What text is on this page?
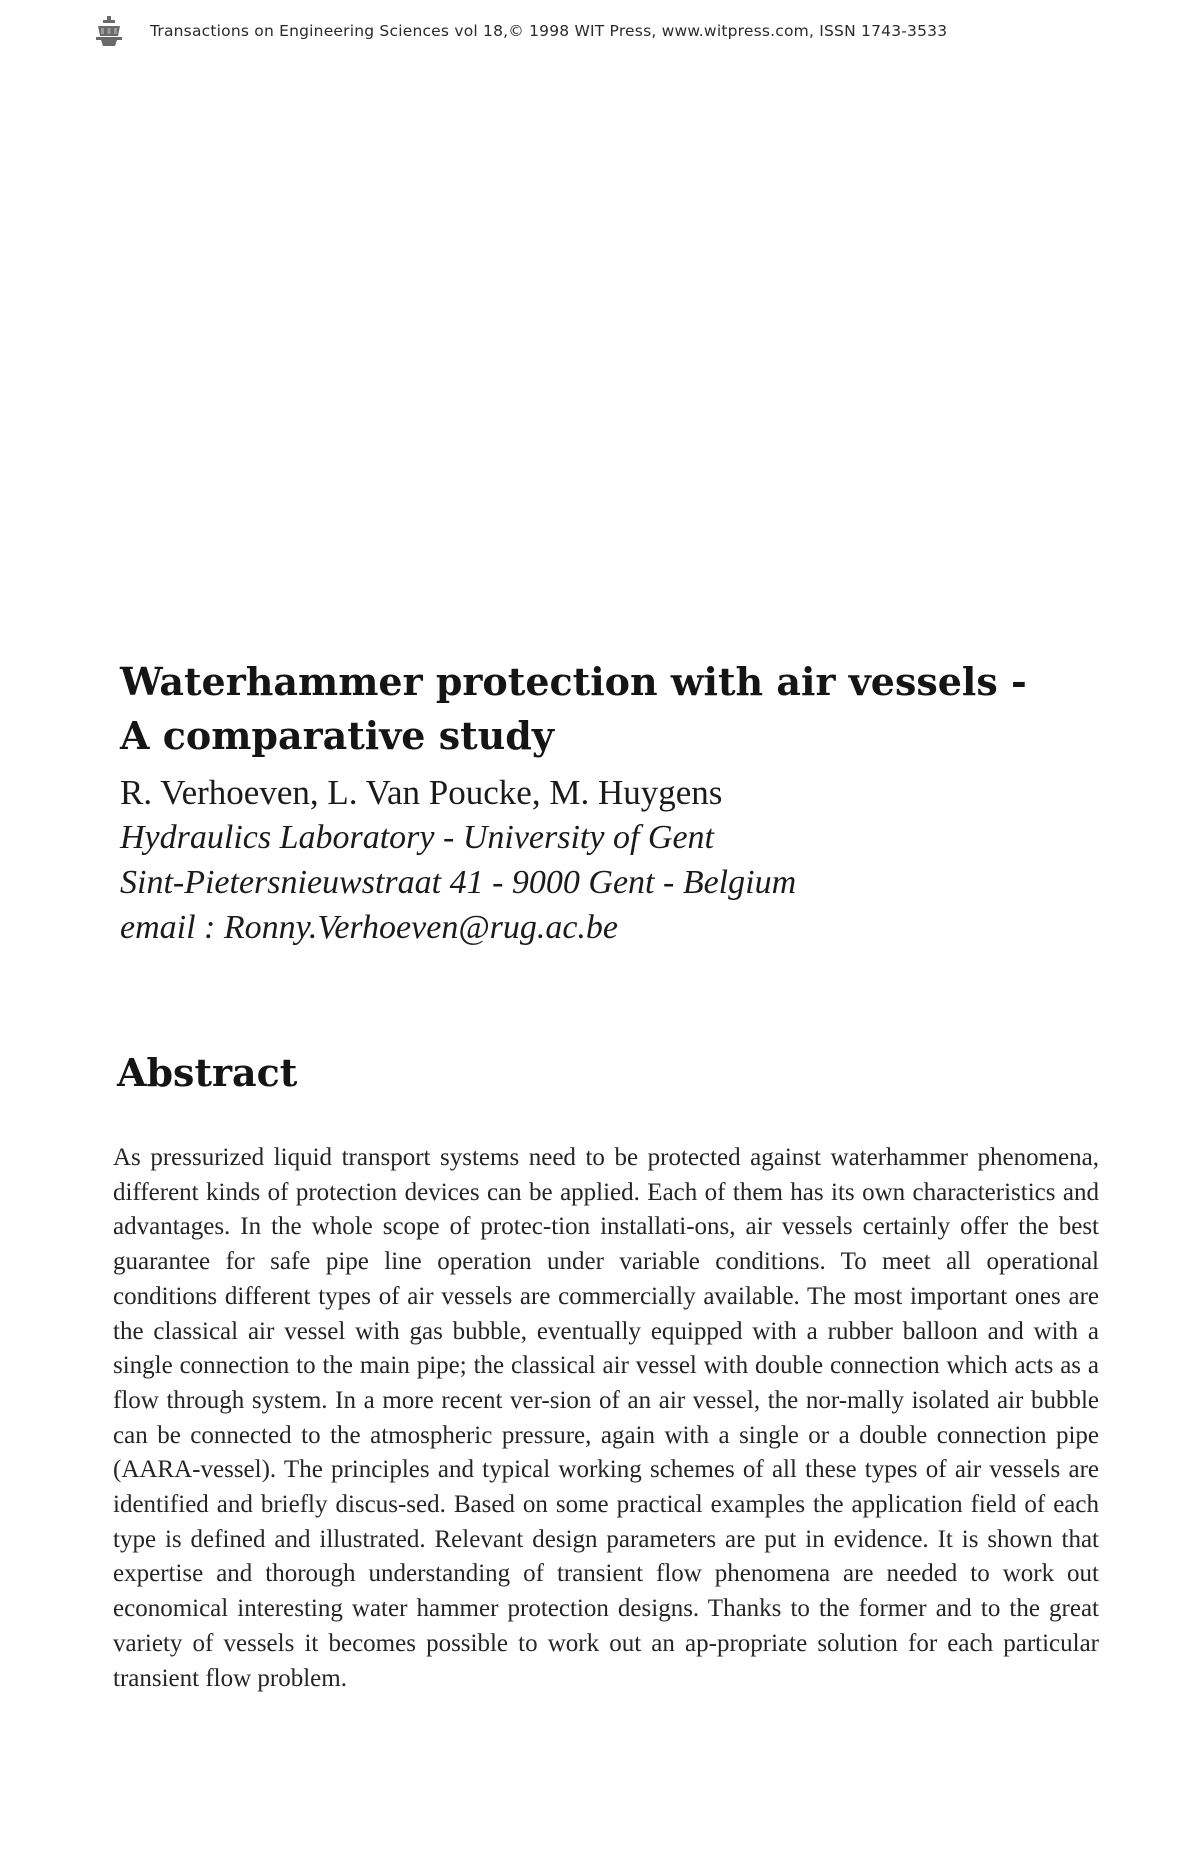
Transactions on Engineering Sciences vol 18,© 1998 WIT Press, www.witpress.com, ISSN 1743-3533
Waterhammer protection with air vessels -
A comparative study

R. Verhoeven, L. Van Poucke, M. Huygens

Hydraulics Laboratory - University of Gent

Sint-Pietersnieuwstraat 41 - 9000 Gent - Belgium

email : Ronny.Verhoeven@rug.ac.be

Abstract

As pressurized liquid transport systems need to be protected against waterhammer phenomena, different kinds of protection devices can be applied. Each of them has its own characteristics and advantages. In the whole scope of protec-tion installati-ons, air vessels certainly offer the best guarantee for safe pipe line operation under variable conditions. To meet all operational conditions different types of air vessels are commercially available. The most important ones are the classical air vessel with gas bubble, eventually equipped with a rubber balloon and with a single connection to the main pipe; the classical air vessel with double connection which acts as a flow through system. In a more recent ver-sion of an air vessel, the nor-mally isolated air bubble can be connected to the atmospheric pressure, again with a single or a double connection pipe (AARA-vessel). The principles and typical working schemes of all these types of air vessels are identified and briefly discus-sed. Based on some practical examples the application field of each type is defined and illustrated. Relevant design parameters are put in evidence. It is shown that expertise and thorough understanding of transient flow phenomena are needed to work out economical interesting water hammer protection designs. Thanks to the former and to the great variety of vessels it becomes possible to work out an ap-propriate solution for each particular transient flow problem.
